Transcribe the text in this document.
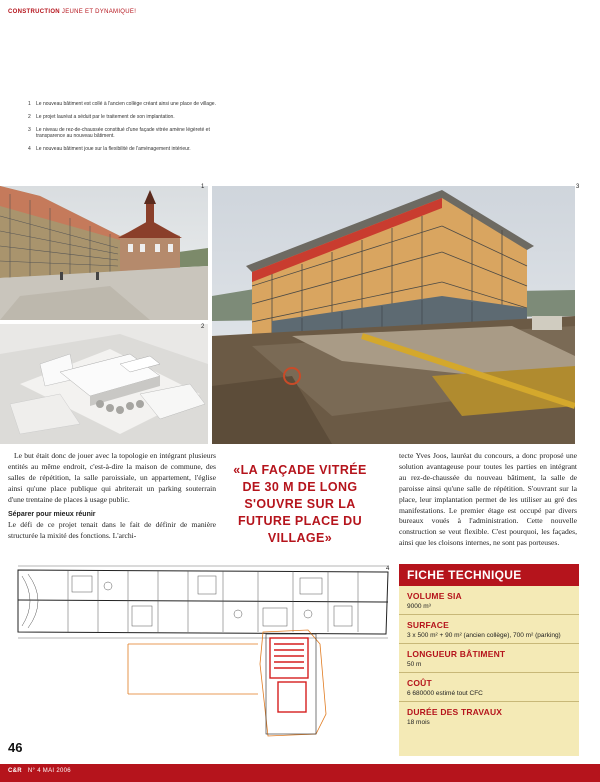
CONSTRUCTION JEUNE ET DYNAMIQUE!
1	Le nouveau bâtiment est collé à l'ancien collège créant ainsi une place de village.
2	Le projet lauréat a séduit par le traitement de son implantation.
3	Le niveau de rez-de-chaussée constitué d'une façade vitrée amène légèreté et transparence au nouveau bâtiment.
4	Le nouveau bâtiment joue sur la flexibilité de l'aménagement intérieur.
1
2
3

Le but était donc de jouer avec la topologie en intégrant plusieurs entités au même endroit, c'est-à-dire la maison de commune, des salles de répétition, la salle paroissiale, un appartement, l'église ainsi qu'une place publique qui abriterait un parking souterrain d'une trentaine de places à usage public.

Séparer pour mieux réunir

Le défi de ce projet tenait dans le fait de définir de manière structurée la mixité des fonctions. L'archi-

«LA FAÇADE VITRÉE DE 30 M DE LONG S'OUVRE SUR LA FUTURE PLACE DU VILLAGE»

tecte Yves Joos, lauréat du concours, a donc proposé une solution avantageuse pour toutes les parties en intégrant au rez-de-chaussée du nouveau bâtiment, la salle de paroisse ainsi qu'une salle de répétition. S'ouvrant sur la place, leur implantation permet de les utiliser au gré des manifestations. Le premier étage est occupé par divers bureaux voués à l'administration. Cette nouvelle construction se veut flexible. C'est pourquoi, les façades, ainsi que les cloisons internes, ne sont pas porteuses.

4	FICHE TECHNIQUE
VOLUME SIA
9000 m³
SURFACE
3 x 500 m² + 90 m² (ancien collège), 700 m² (parking)
LONGUEUR BÂTIMENT
50 m
COÛT
6 680000 estimé tout CFC
DURÉE DES TRAVAUX
18 mois
46
C&R N° 4 MAI 2006
